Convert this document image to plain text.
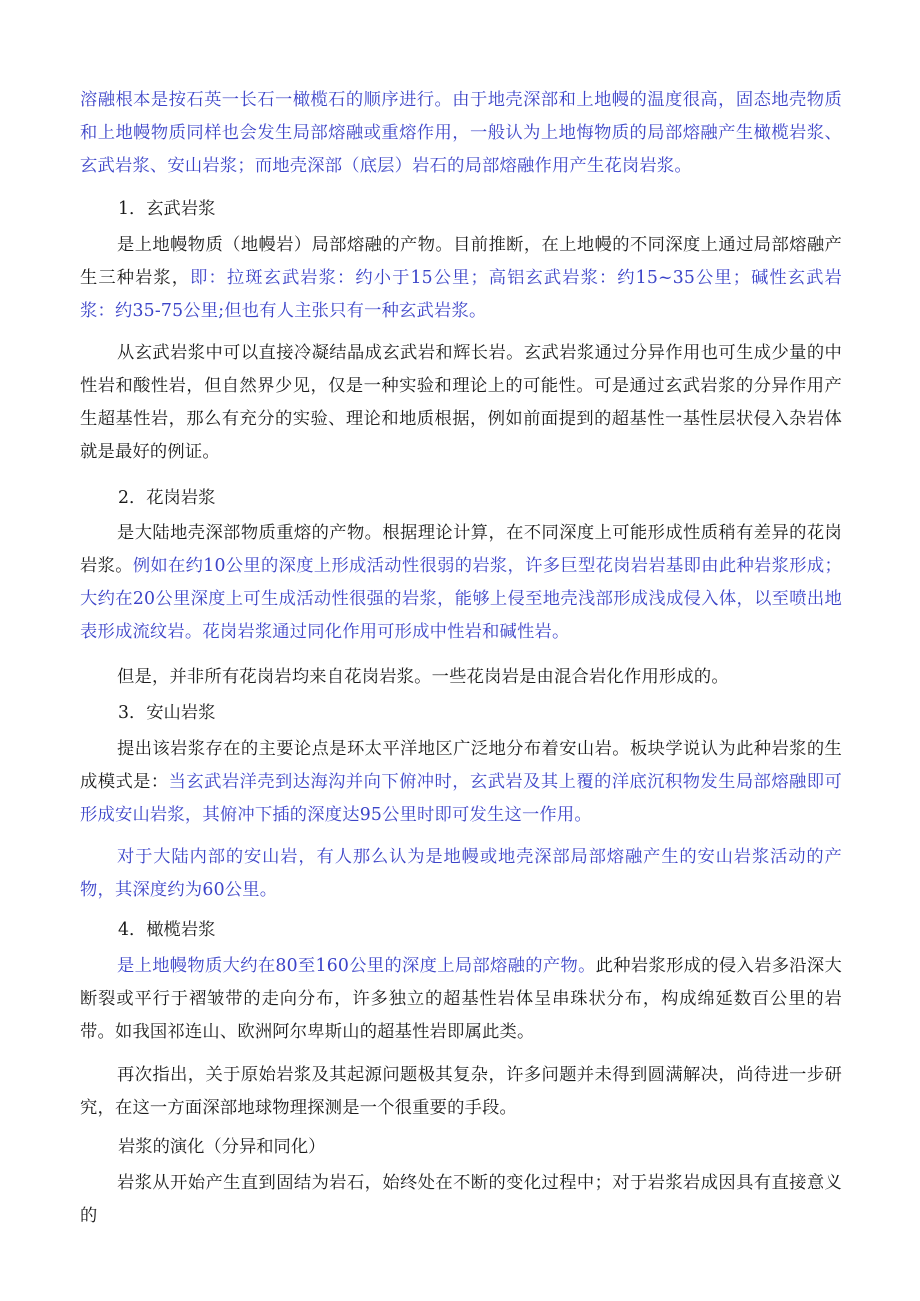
溶融根本是按石英一长石一橄榄石的顺序进行。由于地壳深部和上地幔的温度很高，固态地壳物质和上地幔物质同样也会发生局部熔融或重熔作用，一般认为上地悔物质的局部熔融产生橄榄岩浆、玄武岩浆、安山岩浆；而地壳深部（底层）岩石的局部熔融作用产生花岗岩浆。

1．玄武岩浆

是上地幔物质（地幔岩）局部熔融的产物。目前推断，在上地幔的不同深度上通过局部熔融产生三种岩浆，即：拉斑玄武岩浆：约小于15公里；高铝玄武岩浆：约15~35公里；碱性玄武岩浆：约35-75公里;但也有人主张只有一种玄武岩浆。

从玄武岩浆中可以直接冷凝结晶成玄武岩和辉长岩。玄武岩浆通过分异作用也可生成少量的中性岩和酸性岩，但自然界少见，仅是一种实验和理论上的可能性。可是通过玄武岩浆的分异作用产生超基性岩，那么有充分的实验、理论和地质根据，例如前面提到的超基性一基性层状侵入杂岩体就是最好的例证。

2．花岗岩浆

是大陆地壳深部物质重熔的产物。根据理论计算，在不同深度上可能形成性质稍有差异的花岗岩浆。例如在约10公里的深度上形成活动性很弱的岩浆，许多巨型花岗岩岩基即由此种岩浆形成；大约在20公里深度上可生成活动性很强的岩浆，能够上侵至地壳浅部形成浅成侵入体，以至喷出地表形成流纹岩。花岗岩浆通过同化作用可形成中性岩和碱性岩。

但是，并非所有花岗岩均来自花岗岩浆。一些花岗岩是由混合岩化作用形成的。

3．安山岩浆

提出该岩浆存在的主要论点是环太平洋地区广泛地分布着安山岩。板块学说认为此种岩浆的生成模式是：当玄武岩洋壳到达海沟并向下俯冲时，玄武岩及其上覆的洋底沉积物发生局部熔融即可形成安山岩浆，其俯冲下插的深度达95公里时即可发生这一作用。

对于大陆内部的安山岩，有人那么认为是地幔或地壳深部局部熔融产生的安山岩浆活动的产物，其深度约为60公里。

4．橄榄岩浆

是上地幔物质大约在80至160公里的深度上局部熔融的产物。此种岩浆形成的侵入岩多沿深大断裂或平行于褶皱带的走向分布，许多独立的超基性岩体呈串珠状分布，构成绵延数百公里的岩带。如我国祁连山、欧洲阿尔卑斯山的超基性岩即属此类。

再次指出，关于原始岩浆及其起源问题极其复杂，许多问题并未得到圆满解决，尚待进一步研究，在这一方面深部地球物理探测是一个很重要的手段。

岩浆的演化（分异和同化）

岩浆从开始产生直到固结为岩石，始终处在不断的变化过程中；对于岩浆岩成因具有直接意义的
